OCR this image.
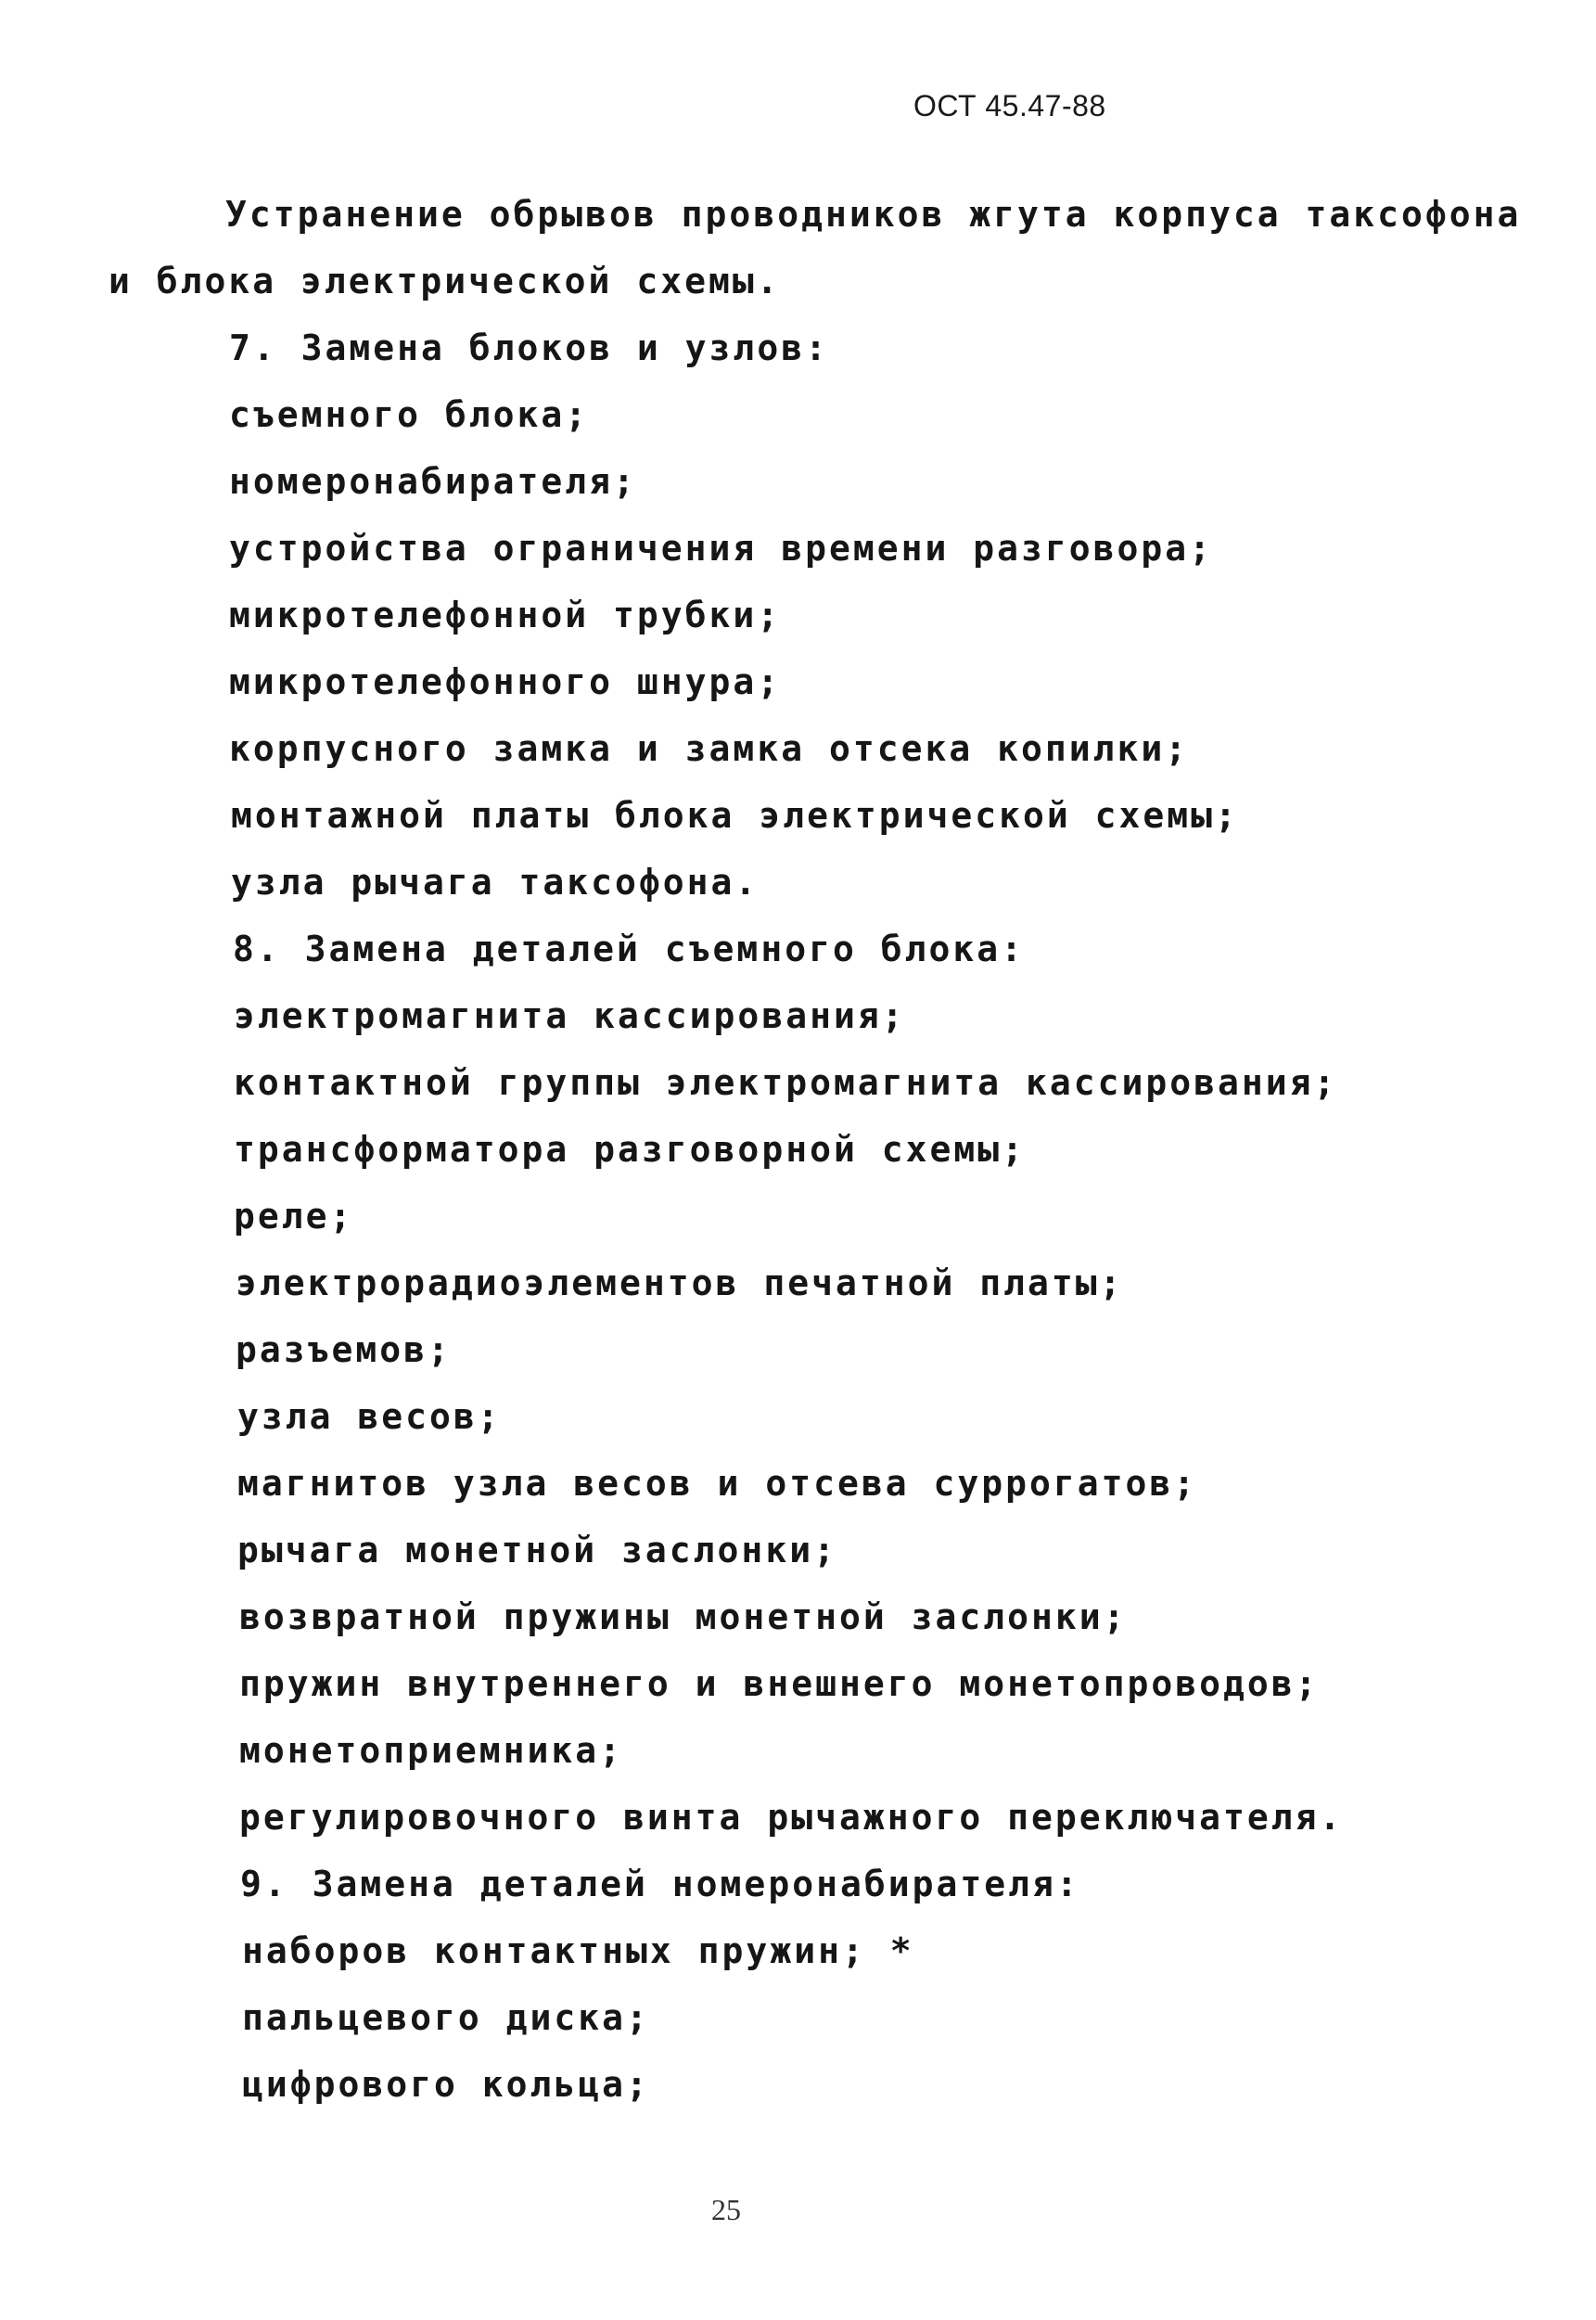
ОСТ 45.47-88
Устранение обрывов проводников жгута корпуса таксофона
и блока электрической схемы.
7. Замена блоков и узлов:
съемного блока;
номеронабирателя;
устройства ограничения времени разговора;
микротелефонной трубки;
микротелефонного шнура;
корпусного замка и замка отсека копилки;
монтажной платы блока электрической схемы;
узла рычага таксофона.
8. Замена деталей съемного блока:
электромагнита кассирования;
контактной группы электромагнита кассирования;
трансформатора разговорной схемы;
реле;
электрорадиоэлементов печатной платы;
разъемов;
узла весов;
магнитов узла весов и отсева суррогатов;
рычага монетной заслонки;
возвратной пружины монетной заслонки;
пружин внутреннего и внешнего монетопроводов;
монетоприемника;
регулировочного винта рычажного переключателя.
9. Замена деталей номеронабирателя:
наборов контактных пружин; *
пальцевого диска;
цифрового кольца;
25
